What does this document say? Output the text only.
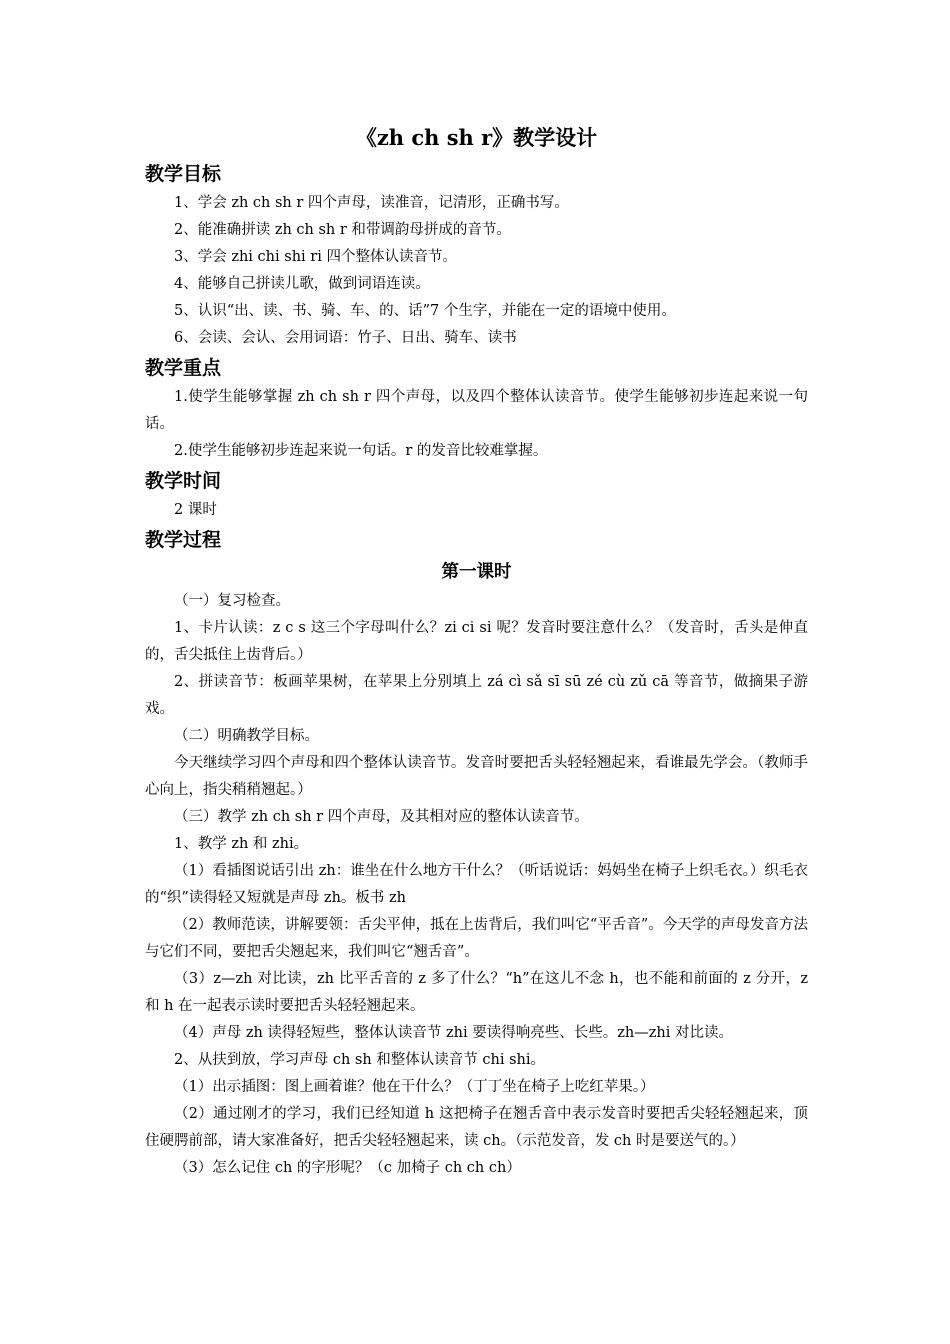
《zh ch sh r》教学设计
教学目标

1、学会 zh ch sh r 四个声母，读准音，记清形，正确书写。

2、能准确拼读 zh ch sh r 和带调韵母拼成的音节。

3、学会 zhi chi shi ri 四个整体认读音节。

4、能够自己拼读儿歌，做到词语连读。

5、认识“出、读、书、骑、车、的、话”7 个生字，并能在一定的语境中使用。

6、会读、会认、会用词语：竹子、日出、骑车、读书

教学重点

1.使学生能够掌握 zh ch sh r 四个声母，以及四个整体认读音节。使学生能够初步连起来说一句话。

2.使学生能够初步连起来说一句话。r 的发音比较难掌握。

教学时间

2 课时

教学过程
第一课时

（一）复习检查。

1、卡片认读：z c s 这三个字母叫什么？zi ci si 呢？发音时要注意什么？（发音时，舌头是伸直的，舌尖抵住上齿背后。）

2、拼读音节：板画苹果树，在苹果上分别填上 zá cì sǎ sī sū zé cù zǔ cā 等音节，做摘果子游戏。

（二）明确教学目标。

今天继续学习四个声母和四个整体认读音节。发音时要把舌头轻轻翘起来，看谁最先学会。（教师手心向上，指尖稍稍翘起。）

（三）教学 zh ch sh r 四个声母，及其相对应的整体认读音节。

1、教学 zh 和 zhi。

（1）看插图说话引出 zh：谁坐在什么地方干什么？（听话说话：妈妈坐在椅子上织毛衣。）织毛衣的“织”读得轻又短就是声母 zh。板书 zh

（2）教师范读，讲解要领：舌尖平伸，抵在上齿背后，我们叫它“平舌音”。今天学的声母发音方法与它们不同，要把舌尖翘起来，我们叫它“翘舌音”。

（3）z—zh 对比读，zh 比平舌音的 z 多了什么？“h”在这儿不念 h，也不能和前面的 z 分开，z 和 h 在一起表示读时要把舌头轻轻翘起来。

（4）声母 zh 读得轻短些，整体认读音节 zhi 要读得响亮些、长些。zh—zhi 对比读。

2、从扶到放，学习声母 ch sh 和整体认读音节 chi shi。

（1）出示插图：图上画着谁？他在干什么？（丁丁坐在椅子上吃红苹果。）

（2）通过刚才的学习，我们已经知道 h 这把椅子在翘舌音中表示发音时要把舌尖轻轻翘起来，顶住硬腭前部，请大家准备好，把舌尖轻轻翘起来，读 ch。（示范发音，发 ch 时是要送气的。）

（3）怎么记住 ch 的字形呢？（c 加椅子 ch ch ch）
